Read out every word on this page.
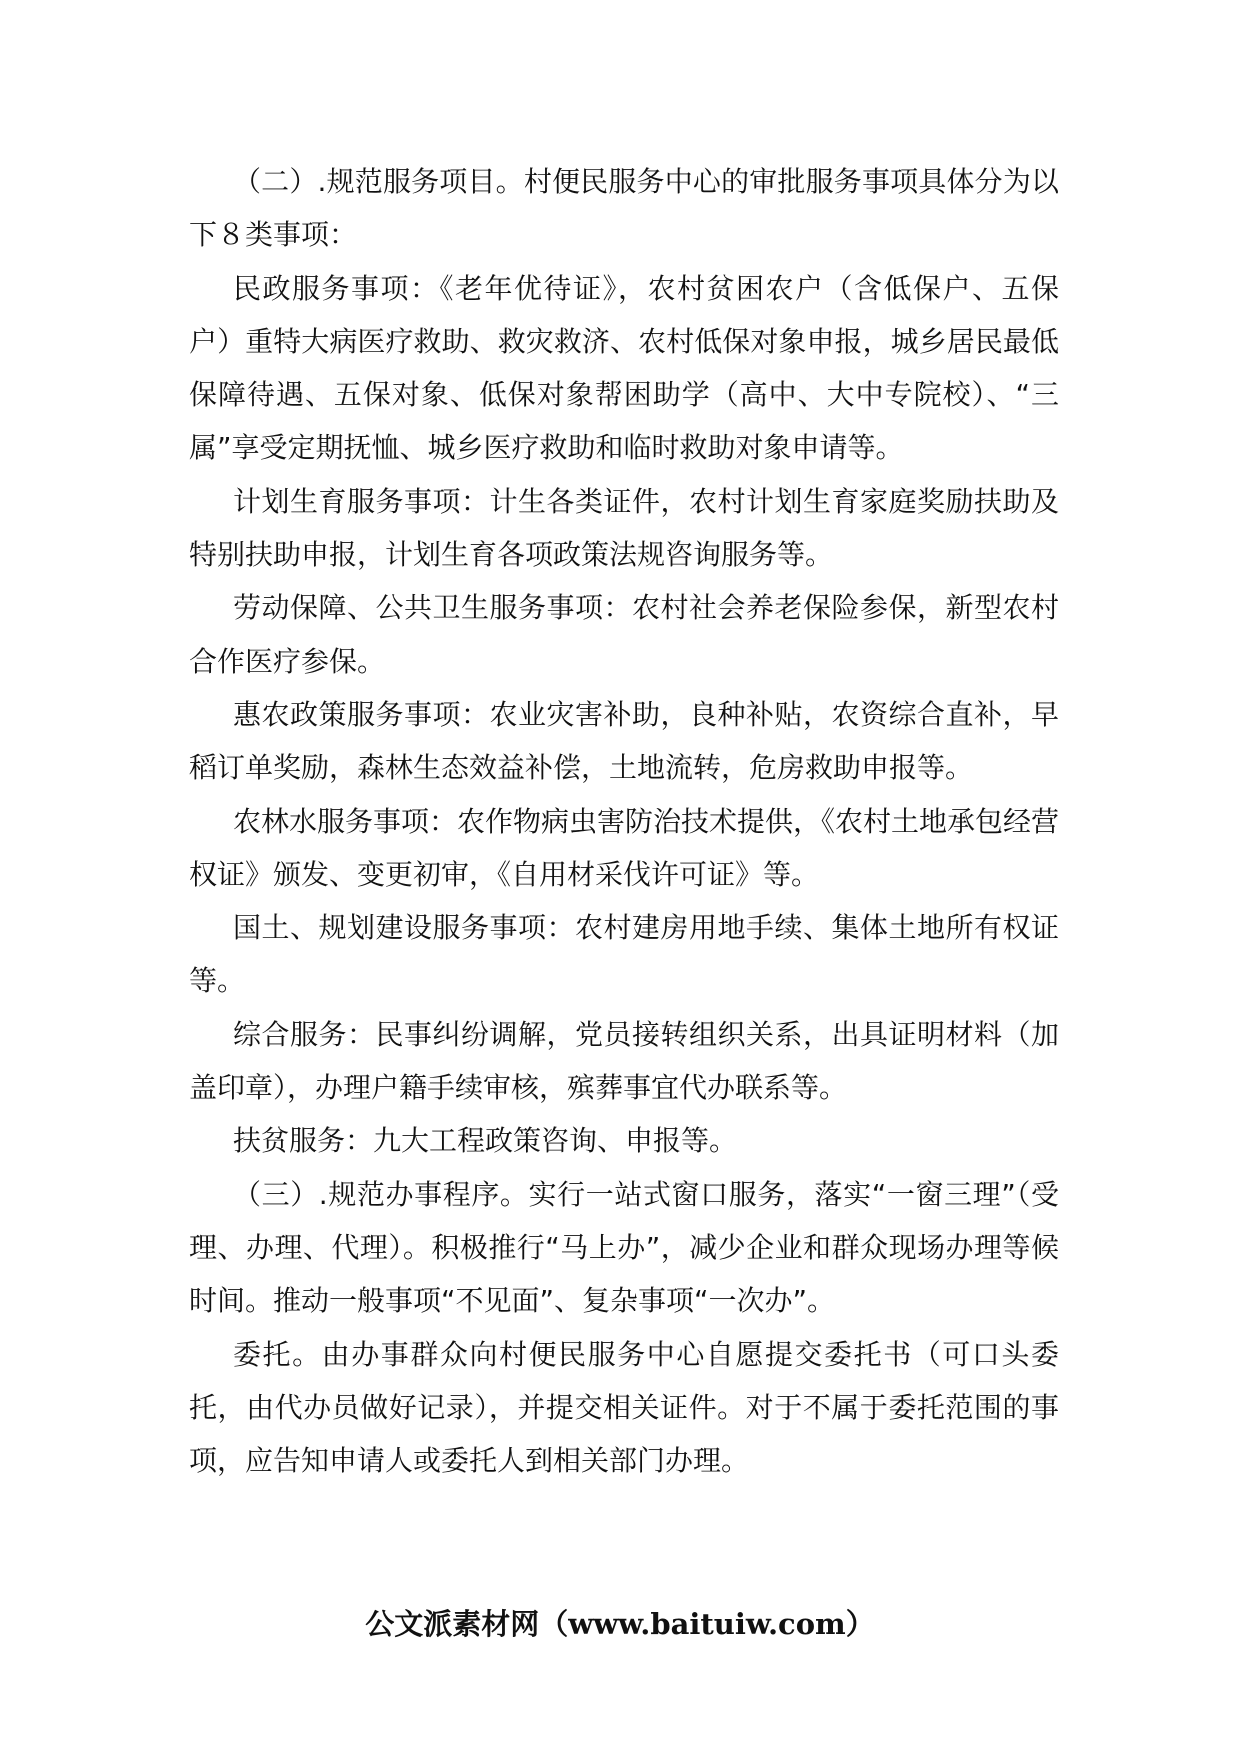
（二）.规范服务项目。村便民服务中心的审批服务事项具体分为以下８类事项：

民政服务事项：《老年优待证》，农村贫困农户（含低保户、五保户）重特大病医疗救助、救灾救济、农村低保对象申报，城乡居民最低保障待遇、五保对象、低保对象帮困助学（高中、大中专院校）、“三属”享受定期抚恤、城乡医疗救助和临时救助对象申请等。

计划生育服务事项：计生各类证件，农村计划生育家庭奖励扶助及特别扶助申报，计划生育各项政策法规咨询服务等。

劳动保障、公共卫生服务事项：农村社会养老保险参保，新型农村合作医疗参保。

惠农政策服务事项：农业灾害补助，良种补贴，农资综合直补，早稻订单奖励，森林生态效益补偿，土地流转，危房救助申报等。

农林水服务事项：农作物病虫害防治技术提供，《农村土地承包经营权证》颁发、变更初审，《自用材采伐许可证》等。

国土、规划建设服务事项：农村建房用地手续、集体土地所有权证等。

综合服务：民事纠纷调解，党员接转组织关系，出具证明材料（加盖印章），办理户籍手续审核，殡葬事宜代办联系等。

扶贫服务：九大工程政策咨询、申报等。

（三）.规范办事程序。实行一站式窗口服务，落实“一窗三理”（受理、办理、代理）。积极推行“马上办”，减少企业和群众现场办理等候时间。推动一般事项“不见面”、复杂事项“一次办”。

委托。由办事群众向村便民服务中心自愿提交委托书（可口头委托，由代办员做好记录），并提交相关证件。对于不属于委托范围的事项，应告知申请人或委托人到相关部门办理。

公文派素材网（www.baituiw.com）
